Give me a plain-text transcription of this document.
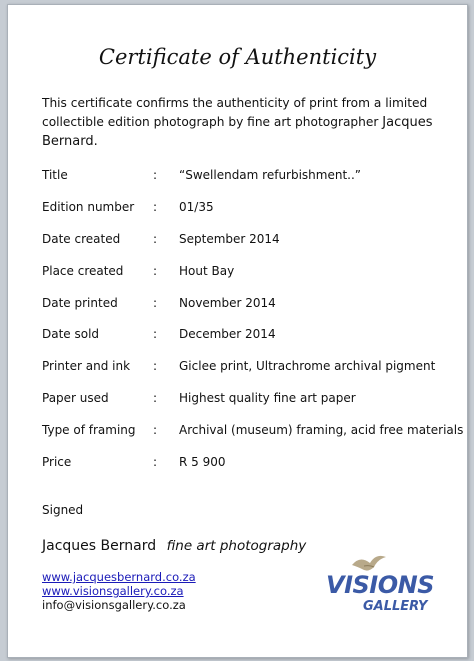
Certificate of Authenticity
This certificate confirms the authenticity of print from a limited collectible edition photograph by fine art photographer Jacques Bernard.
Title	: “Swellendam refurbishment..”
Edition number : 01/35
Date created	: September 2014
Place created : Hout Bay
Date printed	: November 2014
Date sold	: December 2014
Printer and ink : Giclee print, Ultrachrome archival pigment
Paper used	: Highest quality fine art paper
Type of framing : Archival (museum) framing, acid free materials
Price	: R 5 900
Signed
Jacques Bernard fine art photography
www.jacquesbernard.co.za
www.visionsgallery.co.za
info@visionsgallery.co.za
VISIONS
GALLERY
